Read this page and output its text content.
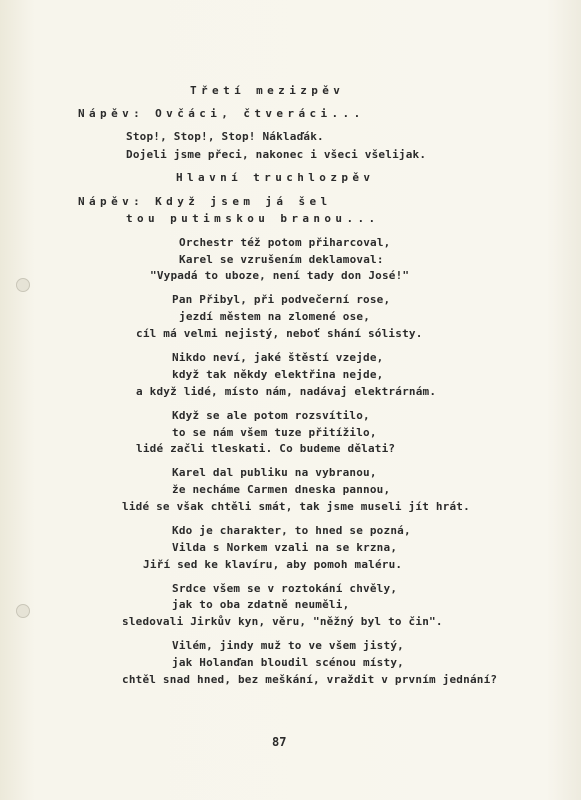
Třetí mezizpěv
Nápěv: Ovčáci, čtveráci...
Stop!, Stop!, Stop! Náklaďák.
Dojeli jsme přeci, nakonec i všeci všelijak.
Hlavní truchlozpěv
Nápěv: Když jsem já šel
tou putimskou branou...
Orchestr též potom přiharcoval,
Karel se vzrušením deklamoval:
"Vypadá to uboze, není tady don José!"
Pan Přibyl, při podvečerní rose,
jezdí městem na zlomené ose,
cíl má velmi nejistý, neboť shání sólisty.
Nikdo neví, jaké štěstí vzejde,
když tak někdy elektřina nejde,
a když lidé, místo nám, nadávaj elektrárnám.
Když se ale potom rozsvítilo,
to se nám všem tuze přitížilo,
lidé začli tleskati. Co budeme dělati?
Karel dal publiku na vybranou,
že necháme Carmen dneska pannou,
lidé se však chtěli smát, tak jsme museli jít hrát.
Kdo je charakter, to hned se pozná,
Vilda s Norkem vzali na se krzna,
Jiří sed ke klavíru, aby pomoh maléru.
Srdce všem se v roztokání chvěly,
jak to oba zdatně neuměli,
sledovali Jirkův kyn, věru, "něžný byl to čin".
Vilém, jindy muž to ve všem jistý,
jak Holanďan bloudil scénou místy,
chtěl snad hned, bez meškání, vraždit v prvním jednání?
87
